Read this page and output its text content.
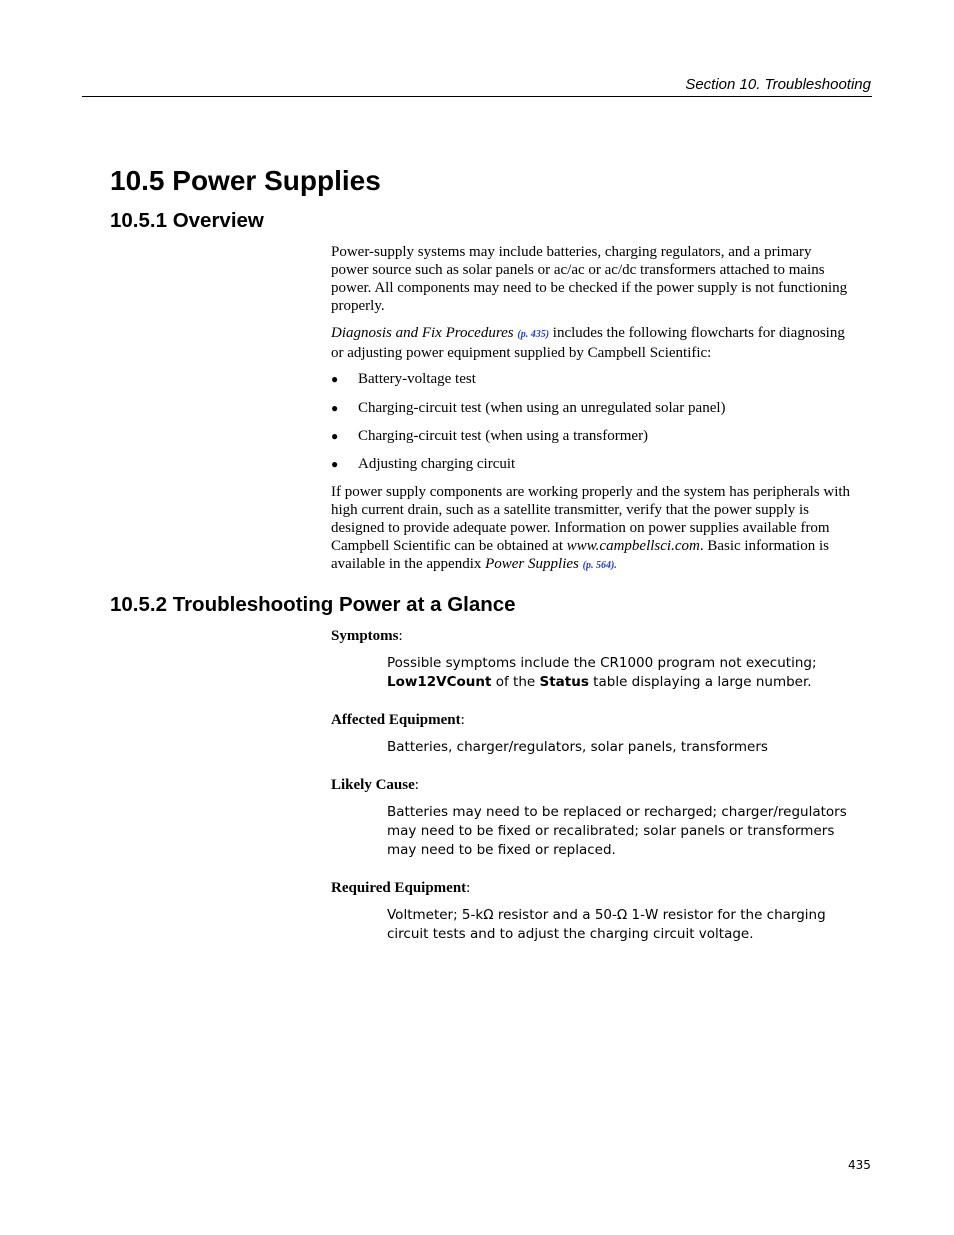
Section 10. Troubleshooting
10.5 Power Supplies
10.5.1 Overview

Power-supply systems may include batteries, charging regulators, and a primary power source such as solar panels or ac/ac or ac/dc transformers attached to mains power. All components may need to be checked if the power supply is not functioning properly.

Diagnosis and Fix Procedures (p. 435) includes the following flowcharts for diagnosing or adjusting power equipment supplied by Campbell Scientific:

● Battery-voltage test
● Charging-circuit test (when using an unregulated solar panel)
● Charging-circuit test (when using a transformer)
● Adjusting charging circuit

If power supply components are working properly and the system has peripherals with high current drain, such as a satellite transmitter, verify that the power supply is designed to provide adequate power. Information on power supplies available from Campbell Scientific can be obtained at www.campbellsci.com. Basic information is available in the appendix Power Supplies (p. 564).

10.5.2 Troubleshooting Power at a Glance
Symptoms:
Possible symptoms include the CR1000 program not executing;
Low12VCount of the Status table displaying a large number.
Affected Equipment:
Batteries, charger/regulators, solar panels, transformers
Likely Cause:
Batteries may need to be replaced or recharged; charger/regulators may need to be fixed or recalibrated; solar panels or transformers may need to be fixed or replaced.
Required Equipment:
Voltmeter; 5-kΩ resistor and a 50-Ω 1-W resistor for the charging circuit tests and to adjust the charging circuit voltage.
435
